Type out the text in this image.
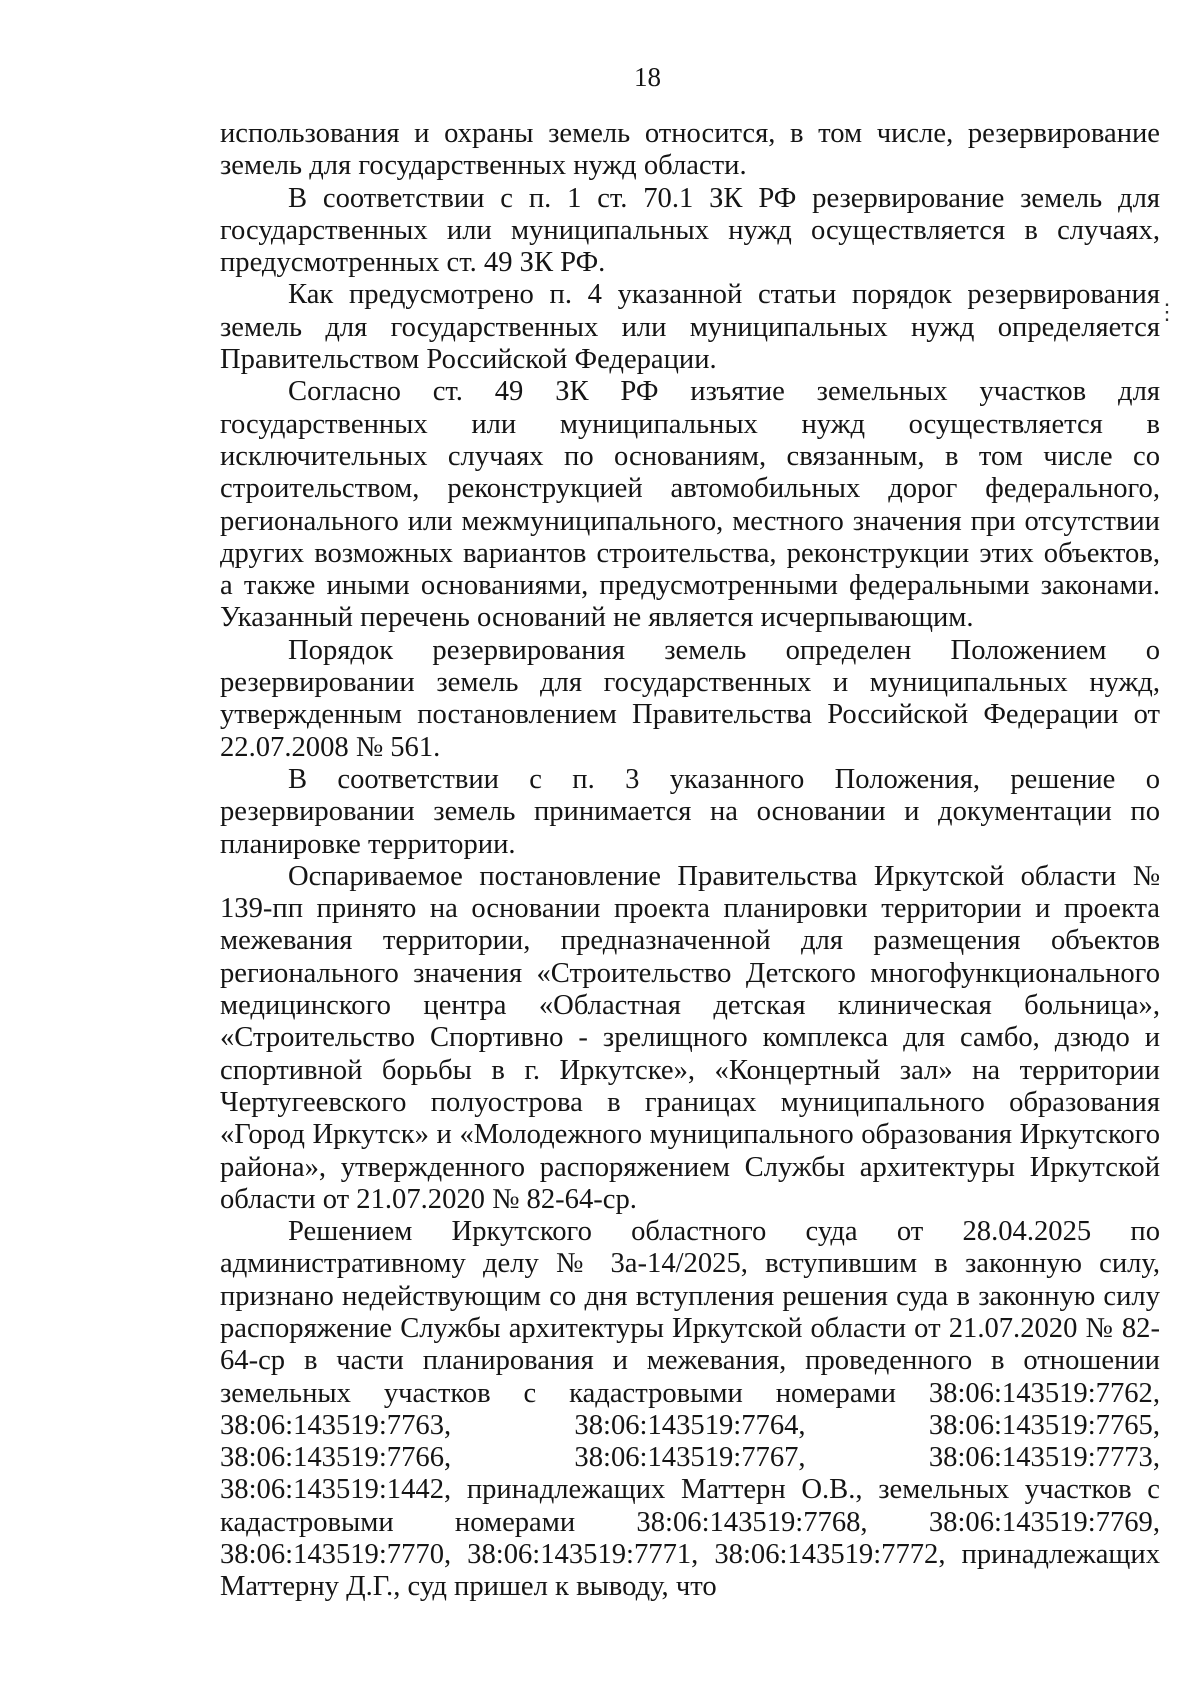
18

использования и охраны земель относится, в том числе, резервирование земель для государственных нужд области.

В соответствии с п. 1 ст. 70.1 ЗК РФ резервирование земель для государственных или муниципальных нужд осуществляется в случаях, предусмотренных ст. 49 ЗК РФ.

Как предусмотрено п. 4 указанной статьи порядок резервирования земель для государственных или муниципальных нужд определяется Правительством Российской Федерации.

Согласно ст. 49 ЗК РФ изъятие земельных участков для государственных или муниципальных нужд осуществляется в исключительных случаях по основаниям, связанным, в том числе со строительством, реконструкцией автомобильных дорог федерального, регионального или межмуниципального, местного значения при отсутствии других возможных вариантов строительства, реконструкции этих объектов, а также иными основаниями, предусмотренными федеральными законами. Указанный перечень оснований не является исчерпывающим.

Порядок резервирования земель определен Положением о резервировании земель для государственных и муниципальных нужд, утвержденным постановлением Правительства Российской Федерации от 22.07.2008 № 561.

В соответствии с п. 3 указанного Положения, решение о резервировании земель принимается на основании и документации по планировке территории.

Оспариваемое постановление Правительства Иркутской области № 139-пп принято на основании проекта планировки территории и проекта межевания территории, предназначенной для размещения объектов регионального значения «Строительство Детского многофункционального медицинского центра «Областная детская клиническая больница», «Строительство Спортивно - зрелищного комплекса для самбо, дзюдо и спортивной борьбы в г. Иркутске», «Концертный зал» на территории Чертугеевского полуострова в границах муниципального образования «Город Иркутск» и «Молодежного муниципального образования Иркутского района», утвержденного распоряжением Службы архитектуры Иркутской области от 21.07.2020 № 82-64-ср.

Решением Иркутского областного суда от 28.04.2025 по административному делу № 3а-14/2025, вступившим в законную силу, признано недействующим со дня вступления решения суда в законную силу распоряжение Службы архитектуры Иркутской области от 21.07.2020 № 82-64-ср в части планирования и межевания, проведенного в отношении земельных участков с кадастровыми номерами 38:06:143519:7762, 38:06:143519:7763, 38:06:143519:7764, 38:06:143519:7765, 38:06:143519:7766, 38:06:143519:7767, 38:06:143519:7773, 38:06:143519:1442, принадлежащих Маттерн О.В., земельных участков с кадастровыми номерами 38:06:143519:7768, 38:06:143519:7769, 38:06:143519:7770, 38:06:143519:7771, 38:06:143519:7772, принадлежащих Маттерну Д.Г., суд пришел к выводу, что

⋮
